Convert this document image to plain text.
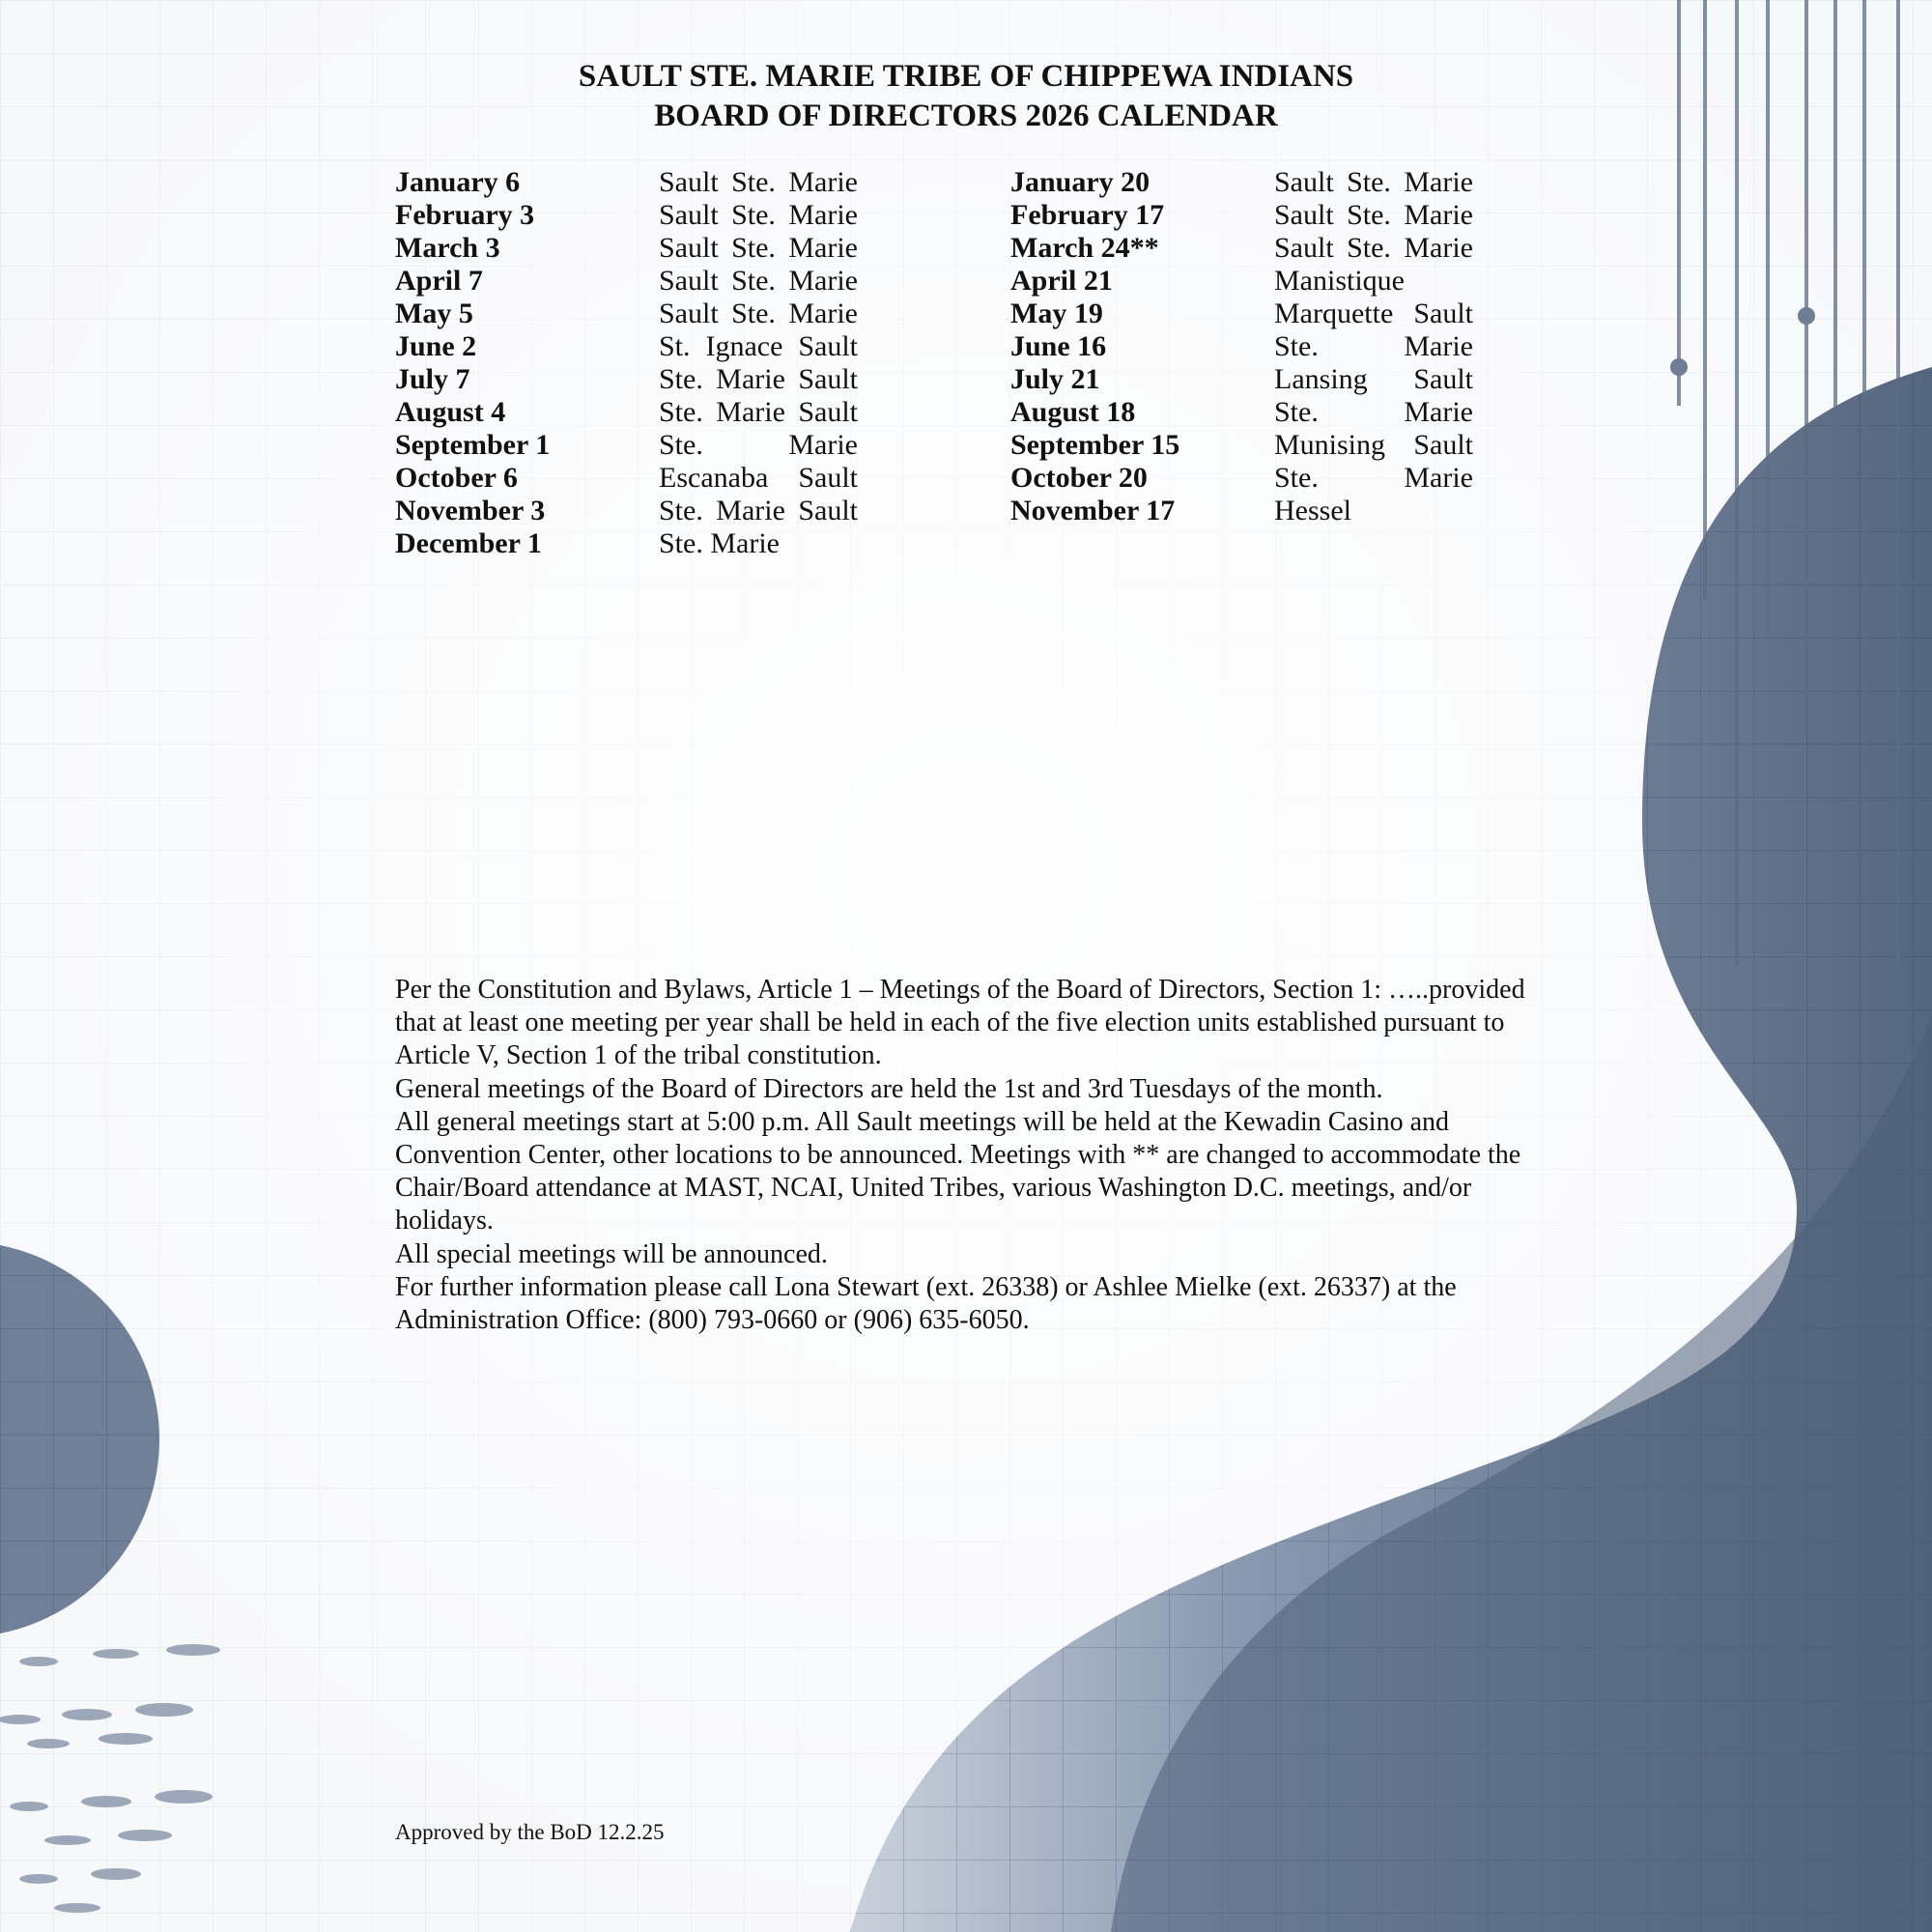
SAULT STE. MARIE TRIBE OF CHIPPEWA INDIANS
BOARD OF DIRECTORS 2026 CALENDAR
January 6	Sault Ste. Marie
February 3	Sault Ste. Marie
March 3	Sault Ste. Marie
April 7	Sault Ste. Marie
May 5	Sault Ste. Marie
June 2	St. Ignace Sault
July 7	Ste. Marie Sault
August 4	Ste. Marie Sault
September 1	Ste. Marie
October 6	Escanaba Sault
November 3	Ste. Marie Sault
December 1	Ste. Marie
January 20	Sault Ste. Marie
February 17	Sault Ste. Marie
March 24**	Sault Ste. Marie
April 21	Manistique
May 19	Marquette Sault
June 16	Ste. Marie
July 21	Lansing Sault
August 18	Ste. Marie
September 15	Munising Sault
October 20	Ste. Marie
November 17	Hessel

Per the Constitution and Bylaws, Article 1 – Meetings of the Board of Directors, Section 1: …..provided that at least one meeting per year shall be held in each of the five election units established pursuant to Article V, Section 1 of the tribal constitution.

General meetings of the Board of Directors are held the 1st and 3rd Tuesdays of the month.

All general meetings start at 5:00 p.m. All Sault meetings will be held at the Kewadin Casino and Convention Center, other locations to be announced. Meetings with ** are changed to accommodate the Chair/Board attendance at MAST, NCAI, United Tribes, various Washington D.C. meetings, and/or holidays.

All special meetings will be announced.

For further information please call Lona Stewart (ext. 26338) or Ashlee Mielke (ext. 26337) at the Administration Office: (800) 793-0660 or (906) 635-6050.

Approved by the BoD 12.2.25
